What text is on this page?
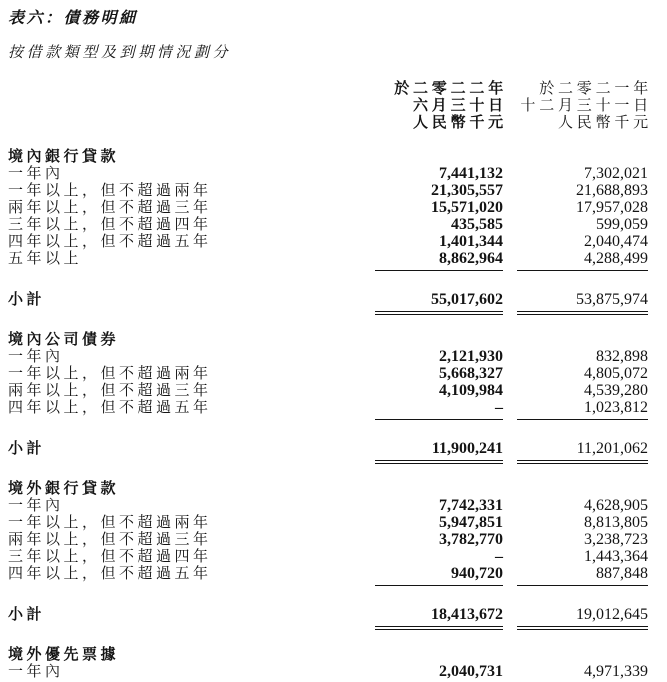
表六：債務明細
按借款類型及到期情況劃分
於二零二二年
六月三十日
人民幣千元
於二零二一年
十二月三十一日
人民幣千元
境內銀行貸款
一年內	7,441,132	7,302,021
一年以上，但不超過兩年	21,305,557	21,688,893
兩年以上，但不超過三年	15,571,020	17,957,028
三年以上，但不超過四年	435,585	599,059
四年以上，但不超過五年	1,401,344	2,040,474
五年以上	8,862,964	4,288,499
小計	55,017,602	53,875,974
境內公司債券
一年內	2,121,930	832,898
一年以上，但不超過兩年	5,668,327	4,805,072
兩年以上，但不超過三年	4,109,984	4,539,280
四年以上，但不超過五年	–	1,023,812
小計	11,900,241	11,201,062
境外銀行貸款
一年內	7,742,331	4,628,905
一年以上，但不超過兩年	5,947,851	8,813,805
兩年以上，但不超過三年	3,782,770	3,238,723
三年以上，但不超過四年	–	1,443,364
四年以上，但不超過五年	940,720	887,848
小計	18,413,672	19,012,645
境外優先票據
一年內	2,040,731	4,971,339
